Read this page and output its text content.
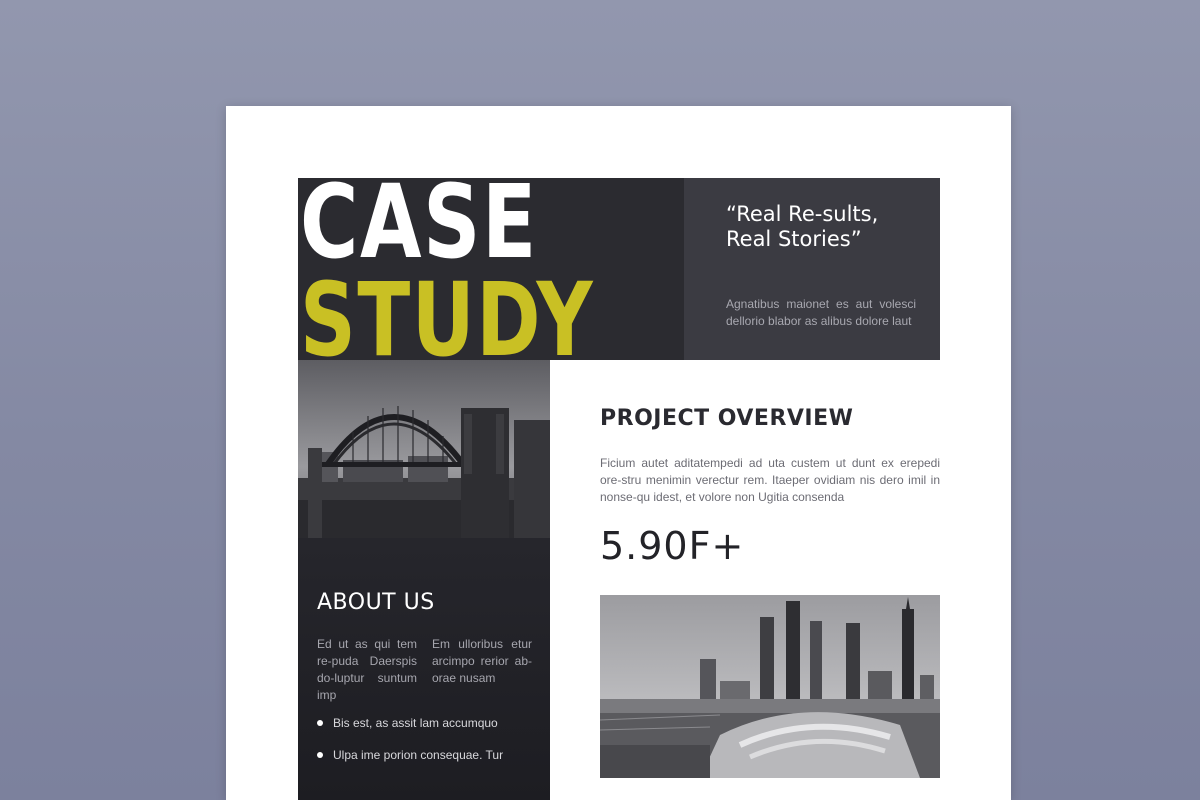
“Real Re-sults, Real Stories”
Agnatibus maionet es aut volesci dellorio blabor as alibus dolore laut
CASE
STUDY
ABOUT US
Ed ut as qui tem re-puda Daerspis do-luptur suntum imp
Em ulloribus etur arcimpo rerior ab-orae nusam
Bis est, as assit lam accumquo
Ulpa ime porion consequae. Tur
PROJECT OVERVIEW
Ficium autet aditatempedi ad uta custem ut dunt ex erepedi ore-stru menimin verectur rem. Itaeper ovidiam nis dero imil in nonse-qu idest, et volore non Ugitia consenda
5.90F+
